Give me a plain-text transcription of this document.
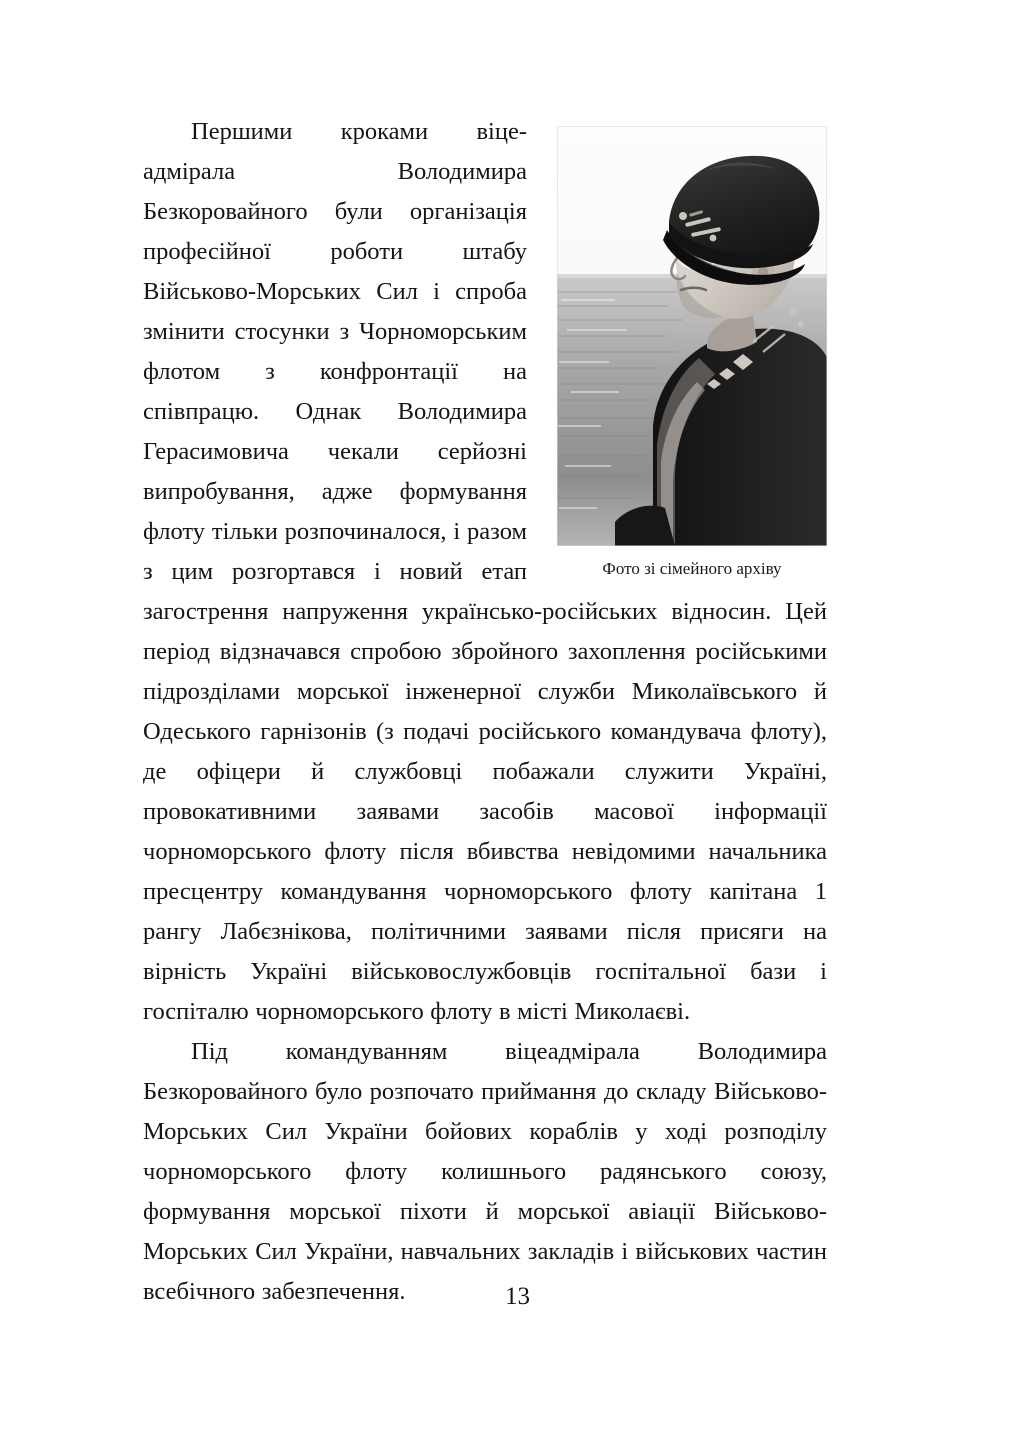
Фото зі сімейного архіву

Першими кроками віце-адмірала Володимира Безкоровайного були організація професійної роботи штабу Військово-Морських Сил і спроба змінити стосунки з Чорноморським флотом з конфронтації на співпрацю. Однак Володимира Герасимовича чекали серйозні випробування, адже формування флоту тільки розпочиналося, і разом з цим розгортався і новий етап загострення напруження українсько-російських відносин. Цей період відзначався спробою збройного захоплення російськими підрозділами морської інженерної служби Миколаївського й Одеського гарнізонів (з подачі російського командувача флоту), де офіцери й службовці побажали служити Україні, провокативними заявами засобів масової інформації чорноморського флоту після вбивства невідомими начальника пресцентру командування чорноморського флоту капітана 1 рангу Лабєзнікова, політичними заявами після присяги на вірність Україні військовослужбовців госпітальної бази і госпіталю чорноморського флоту в місті Миколаєві.

Під командуванням віцеадмірала Володимира Безкоровайного було розпочато приймання до складу Військово-Морських Сил України бойових кораблів у ході розподілу чорноморського флоту колишнього радянського союзу, формування морської піхоти й морської авіації Військово-Морських Сил України, навчальних закладів і військових частин всебічного забезпечення.	13
